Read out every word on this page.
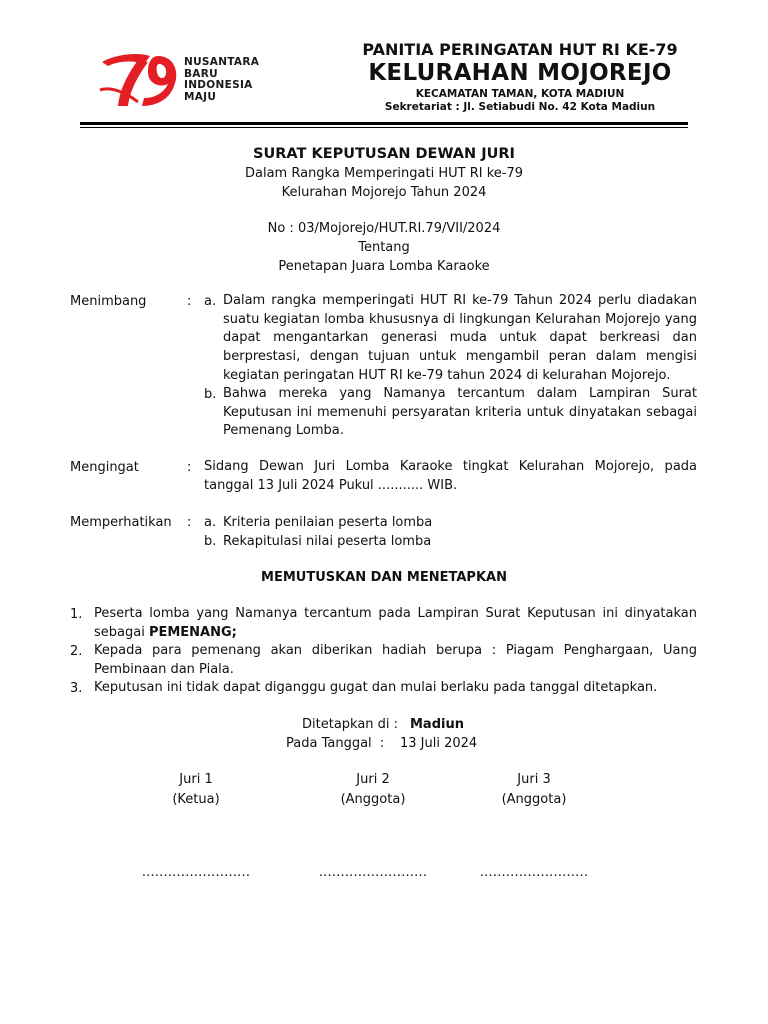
NUSANTARA
BARU
INDONESIA
MAJU
PANITIA PERINGATAN HUT RI KE-79
KELURAHAN MOJOREJO
KECAMATAN TAMAN, KOTA MADIUN
Sekretariat : Jl. Setiabudi No. 42 Kota Madiun
SURAT KEPUTUSAN DEWAN JURI
Dalam Rangka Memperingati HUT RI ke-79
Kelurahan Mojorejo Tahun 2024
No : 03/Mojorejo/HUT.RI.79/VII/2024
Tentang
Penetapan Juara Lomba Karaoke
Menimbang	: a. Dalam rangka memperingati HUT RI ke-79 Tahun 2024 perlu diadakan suatu kegiatan lomba khususnya di lingkungan Kelurahan Mojorejo yang dapat mengantarkan generasi muda untuk dapat berkreasi dan berprestasi, dengan tujuan untuk mengambil peran dalam mengisi kegiatan peringatan HUT RI ke-79 tahun 2024 di kelurahan Mojorejo.
b. Bahwa mereka yang Namanya tercantum dalam Lampiran Surat Keputusan ini memenuhi persyaratan kriteria untuk dinyatakan sebagai Pemenang Lomba.
Mengingat	: Sidang Dewan Juri Lomba Karaoke tingkat Kelurahan Mojorejo, pada tanggal 13 Juli 2024 Pukul ........... WIB.
Memperhatikan : a. Kriteria penilaian peserta lomba
b. Rekapitulasi nilai peserta lomba
MEMUTUSKAN DAN MENETAPKAN
1. Peserta lomba yang Namanya tercantum pada Lampiran Surat Keputusan ini dinyatakan sebagai PEMENANG;
2. Kepada para pemenang akan diberikan hadiah berupa : Piagam Penghargaan, Uang Pembinaan dan Piala.
3. Keputusan ini tidak dapat diganggu gugat dan mulai berlaku pada tanggal ditetapkan.
Ditetapkan di : Madiun
Pada Tanggal  : 13 Juli 2024
Juri 1
(Ketua)
.........................
Juri 2
(Anggota)
.........................
Juri 3
(Anggota)
.........................
